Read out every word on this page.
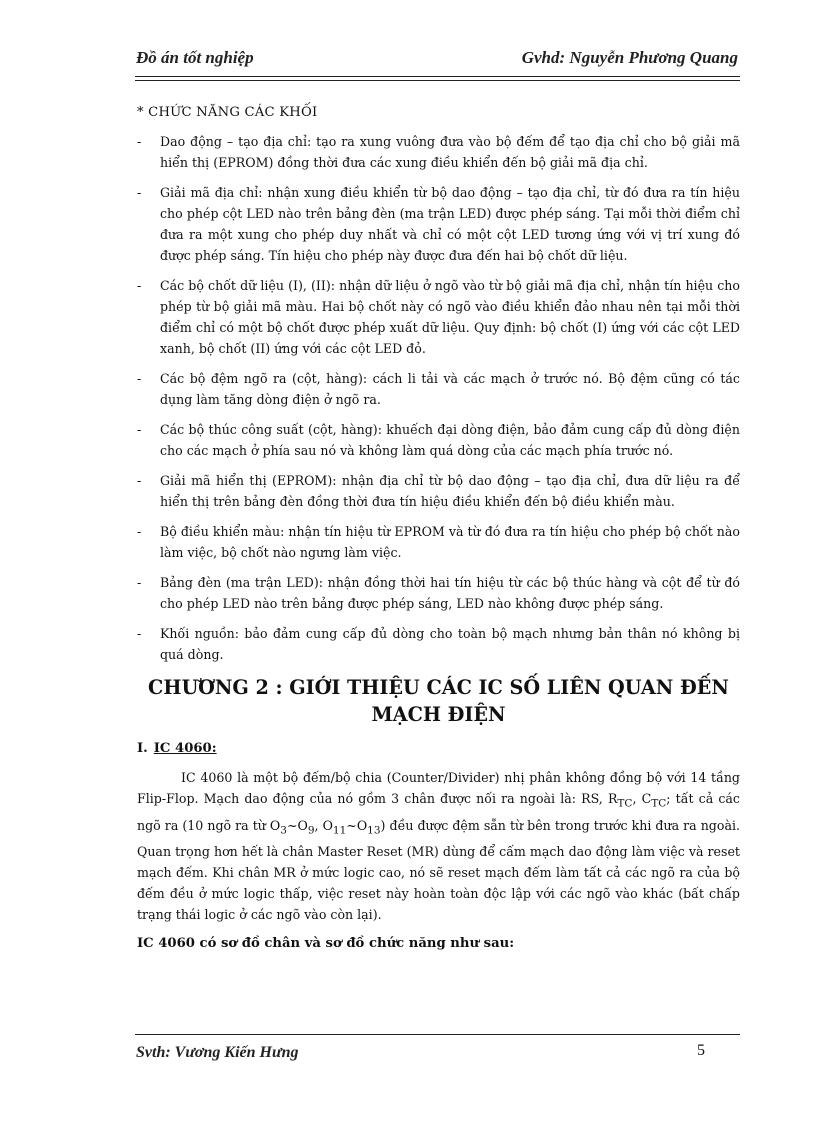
Đồ án tốt nghiệp	Gvhd: Nguyễn Phương Quang
* CHỨC NĂNG CÁC KHỐI
- Dao động – tạo địa chỉ: tạo ra xung vuông đưa vào bộ đếm để tạo địa chỉ cho bộ giải mã hiển thị (EPROM) đồng thời đưa các xung điều khiển đến bộ giải mã địa chỉ.
- Giải mã địa chỉ: nhận xung điều khiển từ bộ dao động – tạo địa chỉ, từ đó đưa ra tín hiệu cho phép cột LED nào trên bảng đèn (ma trận LED) được phép sáng. Tại mỗi thời điểm chỉ đưa ra một xung cho phép duy nhất và chỉ có một cột LED tương ứng với vị trí xung đó được phép sáng. Tín hiệu cho phép này được đưa đến hai bộ chốt dữ liệu.
- Các bộ chốt dữ liệu (I), (II): nhận dữ liệu ở ngõ vào từ bộ giải mã địa chỉ, nhận tín hiệu cho phép từ bộ giải mã màu. Hai bộ chốt này có ngõ vào điều khiển đảo nhau nên tại mỗi thời điểm chỉ có một bộ chốt được phép xuất dữ liệu. Quy định: bộ chốt (I) ứng với các cột LED xanh, bộ chốt (II) ứng với các cột LED đỏ.
- Các bộ đệm ngõ ra (cột, hàng): cách li tải và các mạch ở trước nó. Bộ đệm cũng có tác dụng làm tăng dòng điện ở ngõ ra.
- Các bộ thúc công suất (cột, hàng): khuếch đại dòng điện, bảo đảm cung cấp đủ dòng điện cho các mạch ở phía sau nó và không làm quá dòng của các mạch phía trước nó.
- Giải mã hiển thị (EPROM): nhận địa chỉ từ bộ dao động – tạo địa chỉ, đưa dữ liệu ra để hiển thị trên bảng đèn đồng thời đưa tín hiệu điều khiển đến bộ điều khiển màu.
- Bộ điều khiển màu: nhận tín hiệu từ EPROM và từ đó đưa ra tín hiệu cho phép bộ chốt nào làm việc, bộ chốt nào ngưng làm việc.
- Bảng đèn (ma trận LED): nhận đồng thời hai tín hiệu từ các bộ thúc hàng và cột để từ đó cho phép LED nào trên bảng được phép sáng, LED nào không được phép sáng.
- Khối nguồn: bảo đảm cung cấp đủ dòng cho toàn bộ mạch nhưng bản thân nó không bị quá dòng.
CHƯƠNG 2 : GIỚI THIỆU CÁC IC SỐ LIÊN QUAN ĐẾN
MẠCH ĐIỆN
I. IC 4060:
IC 4060 là một bộ đếm/bộ chia (Counter/Divider) nhị phân không đồng bộ với 14 tầng Flip-Flop. Mạch dao động của nó gồm 3 chân được nối ra ngoài là: RS, $R_{TC}$, $C_{TC}$; tất cả các ngõ ra (10 ngõ ra từ $O_3\sim O_9$, $O_{11}\sim O_{13}$) đều được đệm sẵn từ bên trong trước khi đưa ra ngoài. Quan trọng hơn hết là chân Master Reset (MR) dùng để cấm mạch dao động làm việc và reset mạch đếm. Khi chân MR ở mức logic cao, nó sẽ reset mạch đếm làm tất cả các ngõ ra của bộ đếm đều ở mức logic thấp, việc reset này hoàn toàn độc lập với các ngõ vào khác (bất chấp trạng thái logic ở các ngõ vào còn lại).
IC 4060 có sơ đồ chân và sơ đồ chức năng như sau:
Svth: Vương Kiến Hưng	5
